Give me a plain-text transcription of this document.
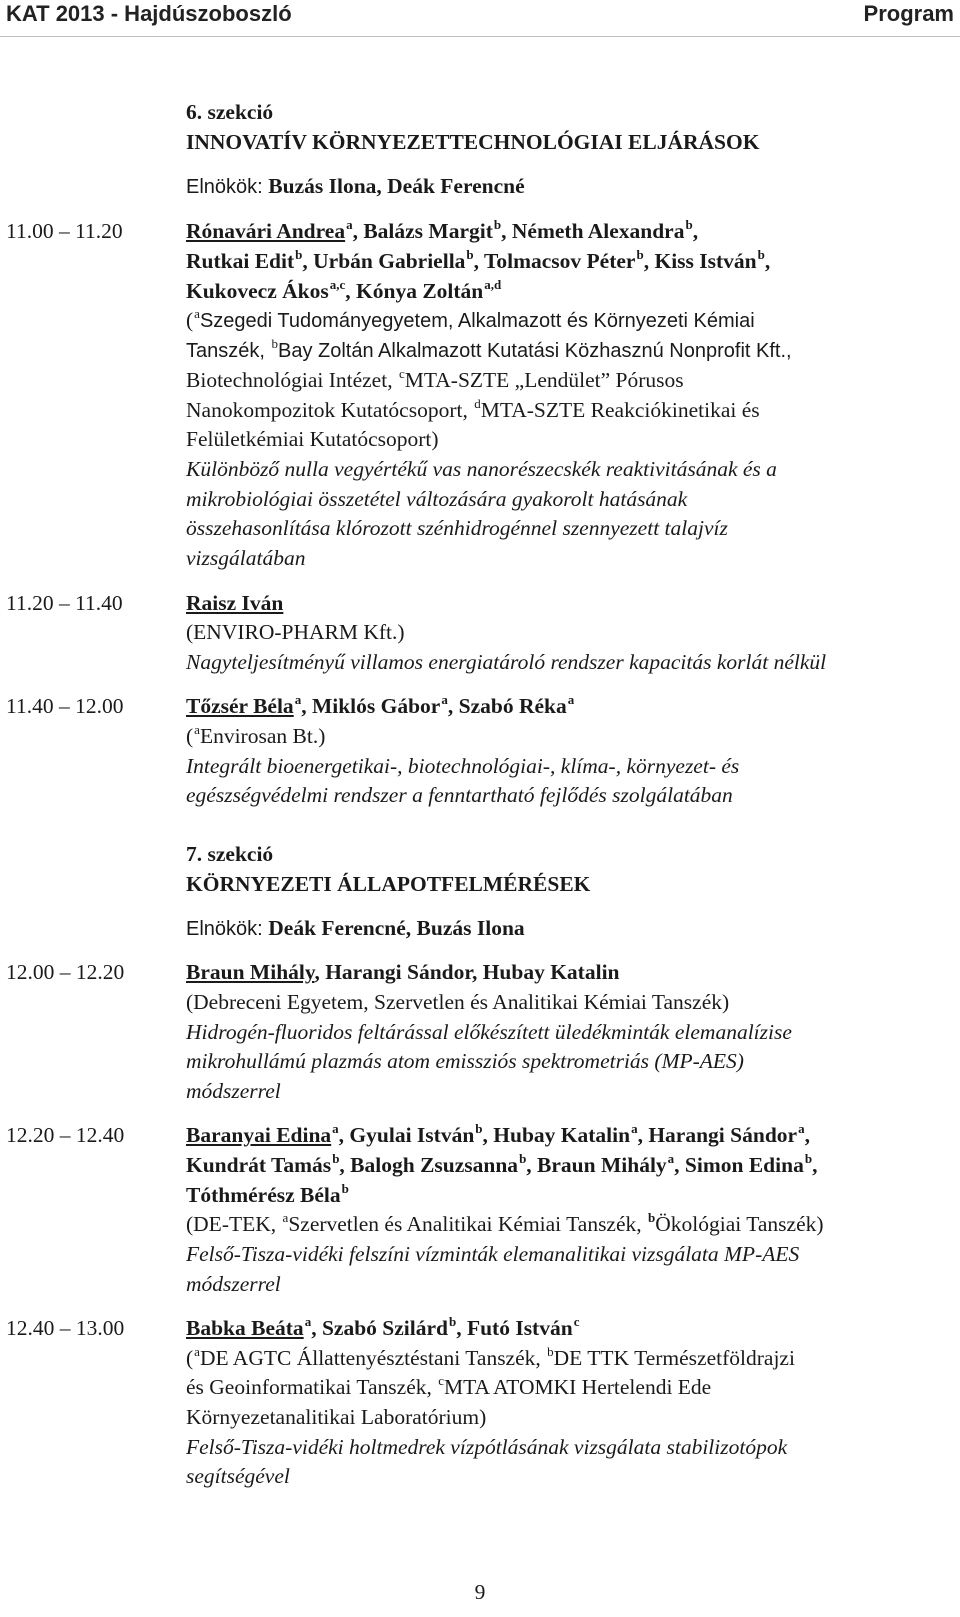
KAT 2013 - Hajdúszoboszló	Program
6. szekció
INNOVATÍV KÖRNYEZETTECHNOLÓGIAI ELJÁRÁSOK
Elnökök: Buzás Ilona, Deák Ferencné
11.00 – 11.20	Rónavári Andrea$^a$, Balázs Margit$^b$, Németh Alexandra$^b$,
Rutkai Edit$^b$, Urbán Gabriella$^b$, Tolmacsov Péter$^b$, Kiss István$^b$,
Kukovecz Ákos$^{a,c}$, Kónya Zoltán$^{a,d}$
($^a$Szegedi Tudományegyetem, Alkalmazott és Környezeti Kémiai
Tanszék, $^b$Bay Zoltán Alkalmazott Kutatási Közhasznú Nonprofit Kft.,
Biotechnológiai Intézet, $^c$MTA-SZTE „Lendület” Pórusos
Nanokompozitok Kutatócsoport, $^d$MTA-SZTE Reakciókinetikai és
Felületkémiai Kutatócsoport)
Különböző nulla vegyértékű vas nanorészecskék reaktivitásának és a
mikrobiológiai összetétel változására gyakorolt hatásának
összehasonlítása klórozott szénhidrogénnel szennyezett talajvíz
vizsgálatában
11.20 – 11.40	Raisz Iván
(ENVIRO-PHARM Kft.)
Nagyteljesítményű villamos energiatároló rendszer kapacitás korlát nélkül
11.40 – 12.00	Tőzsér Béla$^a$, Miklós Gábor$^a$, Szabó Réka$^a$
($^a$Envirosan Bt.)
Integrált bioenergetikai-, biotechnológiai-, klíma-, környezet- és
egészségvédelmi rendszer a fenntartható fejlődés szolgálatában
7. szekció
KÖRNYEZETI ÁLLAPOTFELMÉRÉSEK
Elnökök: Deák Ferencné, Buzás Ilona
12.00 – 12.20	Braun Mihály, Harangi Sándor, Hubay Katalin
(Debreceni Egyetem, Szervetlen és Analitikai Kémiai Tanszék)
Hidrogén-fluoridos feltárással előkészített üledékminták elemanalízise
mikrohullámú plazmás atom emissziós spektrometriás (MP-AES)
módszerrel
12.20 – 12.40	Baranyai Edina$^a$, Gyulai István$^b$, Hubay Katalin$^a$, Harangi Sándor$^a$,
Kundrát Tamás$^b$, Balogh Zsuzsanna$^b$, Braun Mihály$^a$, Simon Edina$^b$,
Tóthmérész Béla$^b$
(DE-TEK, $^a$Szervetlen és Analitikai Kémiai Tanszék, $^b$Ökológiai Tanszék)
Felső-Tisza-vidéki felszíni vízminták elemanalitikai vizsgálata MP-AES
módszerrel
12.40 – 13.00	Babka Beáta$^a$, Szabó Szilárd$^b$, Futó István$^c$
($^a$DE AGTC Állattenyésztéstani Tanszék, $^b$DE TTK Természetföldrajzi
és Geoinformatikai Tanszék, $^c$MTA ATOMKI Hertelendi Ede
Környezetanalitikai Laboratórium)
Felső-Tisza-vidéki holtmedrek vízpótlásának vizsgálata stabilizotópok
segítségével
9
